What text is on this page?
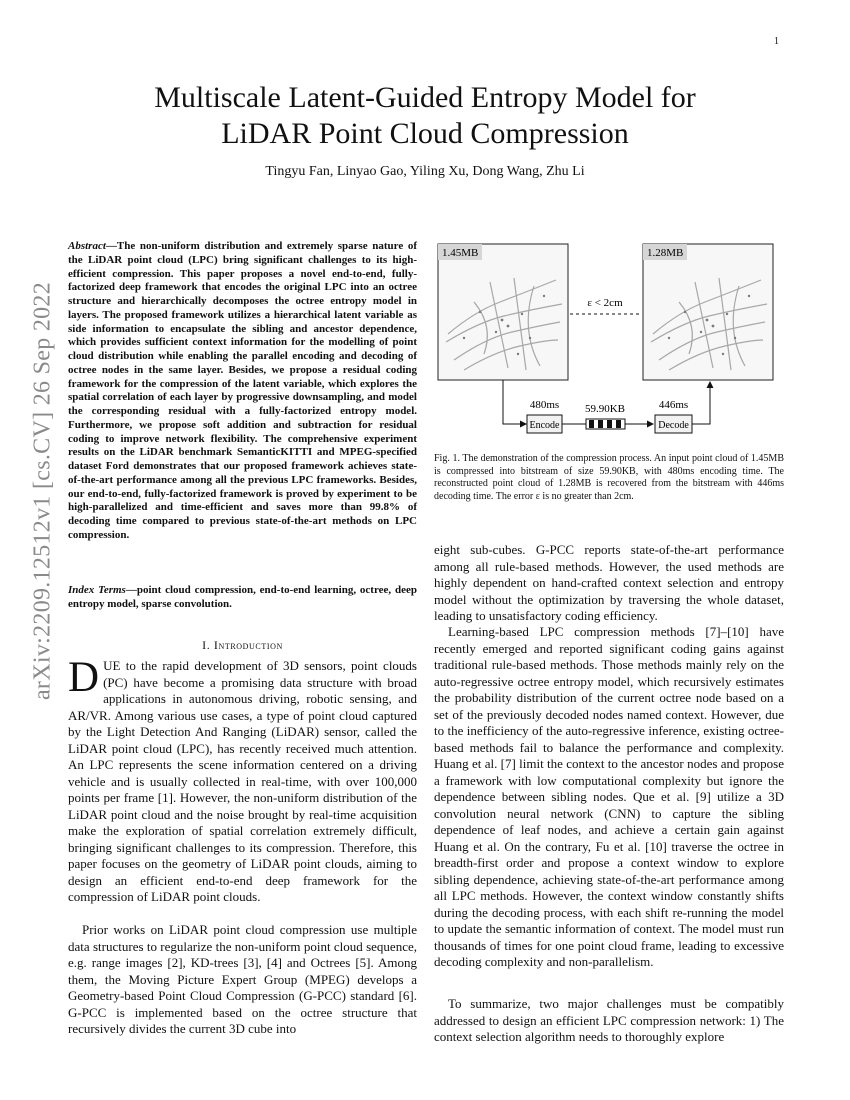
1
arXiv:2209.12512v1 [cs.CV] 26 Sep 2022
Multiscale Latent-Guided Entropy Model for
LiDAR Point Cloud Compression
Tingyu Fan, Linyao Gao, Yiling Xu, Dong Wang, Zhu Li
Abstract—The non-uniform distribution and extremely sparse nature of the LiDAR point cloud (LPC) bring significant challenges to its high-efficient compression. This paper proposes a novel end-to-end, fully-factorized deep framework that encodes the original LPC into an octree structure and hierarchically decomposes the octree entropy model in layers. The proposed framework utilizes a hierarchical latent variable as side information to encapsulate the sibling and ancestor dependence, which provides sufficient context information for the modelling of point cloud distribution while enabling the parallel encoding and decoding of octree nodes in the same layer. Besides, we propose a residual coding framework for the compression of the latent variable, which explores the spatial correlation of each layer by progressive downsampling, and model the corresponding residual with a fully-factorized entropy model. Furthermore, we propose soft addition and subtraction for residual coding to improve network flexibility. The comprehensive experiment results on the LiDAR benchmark SemanticKITTI and MPEG-specified dataset Ford demonstrates that our proposed framework achieves state-of-the-art performance among all the previous LPC frameworks. Besides, our end-to-end, fully-factorized framework is proved by experiment to be high-parallelized and time-efficient and saves more than 99.8% of decoding time compared to previous state-of-the-art methods on LPC compression.
Index Terms—point cloud compression, end-to-end learning, octree, deep entropy model, sparse convolution.
I. Introduction
DUE to the rapid development of 3D sensors, point clouds (PC) have become a promising data structure with broad applications in autonomous driving, robotic sensing, and AR/VR. Among various use cases, a type of point cloud captured by the Light Detection And Ranging (LiDAR) sensor, called the LiDAR point cloud (LPC), has recently received much attention. An LPC represents the scene information centered on a driving vehicle and is usually collected in real-time, with over 100,000 points per frame [1]. However, the non-uniform distribution of the LiDAR point cloud and the noise brought by real-time acquisition make the exploration of spatial correlation extremely difficult, bringing significant challenges to its compression. Therefore, this paper focuses on the geometry of LiDAR point clouds, aiming to design an efficient end-to-end deep framework for the compression of LiDAR point clouds.

Prior works on LiDAR point cloud compression use multiple data structures to regularize the non-uniform point cloud sequence, e.g. range images [2], KD-trees [3], [4] and Octrees [5]. Among them, the Moving Picture Expert Group (MPEG) develops a Geometry-based Point Cloud Compression (G-PCC) standard [6]. G-PCC is implemented based on the octree structure that recursively divides the current 3D cube into

1.45MB	1.28MB
ε < 2cm
Encode
480ms 59.90KB
Decode
446ms
Fig. 1. The demonstration of the compression process. An input point cloud of 1.45MB is compressed into bitstream of size 59.90KB, with 480ms encoding time. The reconstructed point cloud of 1.28MB is recovered from the bitstream with 446ms decoding time. The error ε is no greater than 2cm.

eight sub-cubes. G-PCC reports state-of-the-art performance among all rule-based methods. However, the used methods are highly dependent on hand-crafted context selection and entropy model without the optimization by traversing the whole dataset, leading to unsatisfactory coding efficiency.

Learning-based LPC compression methods [7]–[10] have recently emerged and reported significant coding gains against traditional rule-based methods. Those methods mainly rely on the auto-regressive octree entropy model, which recursively estimates the probability distribution of the current octree node based on a set of the previously decoded nodes named context. However, due to the inefficiency of the auto-regressive inference, existing octree-based methods fail to balance the performance and complexity. Huang et al. [7] limit the context to the ancestor nodes and propose a framework with low computational complexity but ignore the dependence between sibling nodes. Que et al. [9] utilize a 3D convolution neural network (CNN) to capture the sibling dependence of leaf nodes, and achieve a certain gain against Huang et al. On the contrary, Fu et al. [10] traverse the octree in breadth-first order and propose a context window to explore sibling dependence, achieving state-of-the-art performance among all LPC methods. However, the context window constantly shifts during the decoding process, with each shift re-running the model to update the semantic information of context. The model must run thousands of times for one point cloud frame, leading to excessive decoding complexity and non-parallelism.

To summarize, two major challenges must be compatibly addressed to design an efficient LPC compression network: 1) The context selection algorithm needs to thoroughly explore
